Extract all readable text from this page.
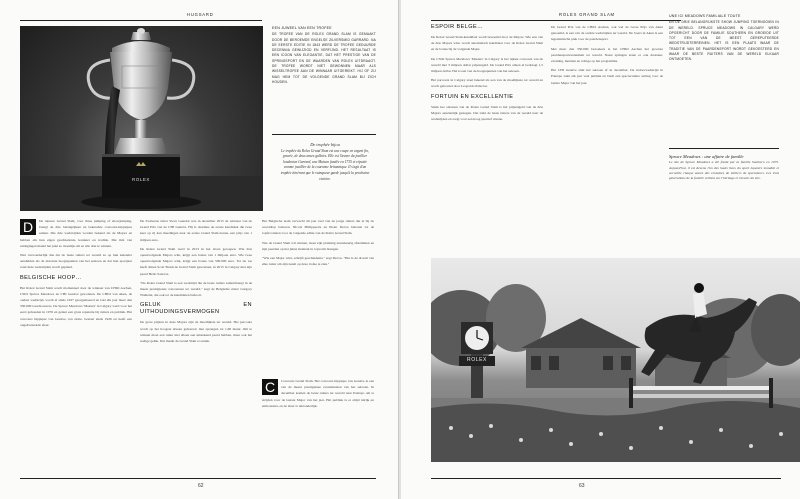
HUGSARD
ROLEX
EEN JUWEEL VAN EEN TROFEE
DE TROFEE VAN DE ROLEX GRAND SLAM IS GEMAAKT DOOR DE BEROEMDE ENGELSE ZILVERSMID GARRARD. NA DE EERSTE EDITIE IN 1843 WERD DE TROFEE GEDUURDE DECENNIA GEWIJZIGD EN VERFIJND. HET RESULTAAT IS EEN ICOON VAN ELEGANTIE, DAT HET PRESTIGE VAN DE SPRINGSPORT EN DE WAARDEN VAN ROLEX UITDRAAGT. DE TROFEE WORDT NIET GEWONNEN MAAR ALS WISSELTROFEE AAN DE WINNAAR UITGEREIKT. HIJ OF ZIJ MAG HEM TOT DE VOLGENDE GRAND SLAM BIJ ZICH HOUDEN.
De trophée bijou
Le trophée du Rolex Grand Slam est une coupe en argent fin, gravée, de deux anses galbées. Elle est l'œuvre du joaillier londonien Garrard, une Maison fondée en 1735 et réputée comme joaillier de la couronne britannique. Il s'agit d'un trophée itinérant que le vainqueur garde jusqu'à la prochaine victoire.

D	De nieuwe Grand Slam, voor three jumping of showjumping, brengt de drie belangrijkste en bekendste concours-hippiques samen. Die drie wedstrijden worden bekend als de Majors en hebben elk hun eigen geschiedenis, karakter en traditie. Die mix van uitdagingen maakt het juist zo moeilijk om ze alle drie te winnen.

Niet verwonderlijk dus dat de beste ruiters ter wereld ze op hun kalender aanduiden als de absolute hoogtepunten van het seizoen en dat hun sportjaar rond deze wedstrijden wordt gepland.

BELGISCHE HOOP…

Het Rolex Grand Slam wordt momenteel door de winnaar van CHIO Aachen, CSIO Spruce Meadows en CHI Genève gewonnen. De CHIO van Aken, de oudste wedstrijd, wordt al sinds 1927 georganiseerd en lokt elk jaar meer dan 350.000 toeschouwers. De Spruce Meadows 'Masters' in Calgary werd voor het eerst gehouden in 1976 en geniet een grote reputatie bij ruiters en publiek. Het concours hippique van Genève, ten slotte, bestaat sinds 1926 en heeft een ongeëvenaarde sfeer.

De Zwitserse ruiter Steve Guerdat was in december 2015 de winnaar van de Grand Prix van de CHI Genève. Hij is daarmee de eerste kandidaat die twee keer op rij kan meedingen naar de eerste Grand Slam-bonus, een prijs van 1 miljoen euro.

De Rolex Grand Slam werd in 2013 in het leven geroepen. Wie drie opeenvolgende Majors wint, krijgt een bonus van 1 miljoen euro. Wie twee opeenvolgende Majors wint, krijgt een bonus van 500.000 euro. Tot nu toe heeft alleen Scott Brash de Grand Slam gewonnen, in 2015 in Calgary met zijn paard Hello Sanctos.

"De Rolex Grand Slam is een wedstrijd die de beste ruiters samenbrengt in de meest prestigieuze concoursen ter wereld," zegt de Belgische ruiter Grégory Wathelet, die ook tot de kandidaten behoort.

GELUK EN UITHOUDINGSVERMOGEN

De grote prijzen in deze Majors zijn de moeilijkste ter wereld. Het parcours wordt op het hoogste niveau gebouwd, met sprongen tot 1,60 meter. Om te winnen moet een ruiter niet alleen een uitstekend paard hebben, maar ook het nodige geluk. Dat maakt de Grand Slam zo uniek.

Het Belgische team verwacht dit jaar veel van de jonge ruiters die al bij de wereldtop behoren. Nicola Philippaerts en Pieter Devos behoren tot de topfavorieten voor de volgende editie van de Rolex Grand Slam.

Wie de Grand Slam wil winnen, moet zijn planning nauwkeurig afstemmen en zijn paarden op het juiste moment in topvorm brengen.

"Wie een Major wint, schrijft geschiedenis," zegt Devos. "Het is de droom van elke ruiter om zijn naam op deze trofee te zien."

C	Concours Grand Slam. Het concours hippique van Genève is een van de meest prestigieuze evenementen van het seizoen. In december komen de beste ruiters ter wereld naar Palexpo om te strijden voor de laatste Major van het jaar. Het publiek is er altijd talrijk en enthousiast, en de sfeer is uitzonderlijk.

62
ROLEX GRAND SLAM
ESPOIR BELGE…

De Rolex Grand Slam-kandidaat wordt benoemd door de Majors. Wie een van de drie Majors wint, wordt automatisch kandidaat voor de Rolex Grand Slam en de bonus bij de volgende Major.

De CSIO Spruce Meadows 'Masters' in Calgary is het rijkste concours van de wereld met 3 miljoen dollar prijzengeld. De Grand Prix alleen al bedraagt 1,5 miljoen dollar. Het is een van de hoogtepunten van het seizoen.

Het parcours in Calgary staat bekend als een van de moeilijkste ter wereld en wordt gebouwd door Leopoldo Palacios.

FORTUIN EN EXCELLENTIE

Sinds het ontstaan van de Rolex Grand Slam is het prijzengeld van de drie Majors aanzienlijk gestegen. Dat trekt de beste ruiters van de wereld naar de wedstrijden en zorgt voor een hoog sportief niveau.

De Grand Prix van de CHIO Aachen, ook wel de Grote Prijs van Aken genoemd, is een van de oudste wedstrijden ter wereld. De Soers in Aken is een legendarische plek voor de paardensport.

Met meer dan 350.000 bezoekers is het CHIO Aachen het grootste paardensportevenement ter wereld. Naast springen staan er ook dressuur, eventing, mennen en voltige op het programma.

Het CHI Genève sluit het seizoen af in december. De indoorwedstrijd in Palexpo trekt elk jaar veel publiek en biedt een spectaculaire setting voor de laatste Major van het jaar.

UNE ICI MEADOWS FAMILIALE TOUTE
EN DE DRIE BELANGRIJKSTE SHOW JUMPING TOERNOOIEN IN DE WERELD. SPRUCE MEADOWS IN CALGARY WERD OPGERICHT DOOR DE FAMILIE SOUTHERN EN GROEIDE UIT TOT EEN VAN DE MEEST GEREPUTEERDE WEDSTRIJDTERREINEN. HET IS EEN PLAATS WAAR DE TRADITIE VAN DE PAARDENSPORT WORDT GEKOESTERD EN WAAR DE BESTE RUITERS VAN DE WERELD ELKAAR ONTMOETEN.
Spruce Meadows : une affaire de famille
Le site de Spruce Meadows a été fondé par la famille Southern en 1975. Aujourd'hui, il est devenu l'un des hauts lieux du sport équestre mondial et accueille chaque année des centaines de milliers de spectateurs. Les trois générations de la famille veillent sur l'héritage et l'avenir du site.
ROLEX
63
